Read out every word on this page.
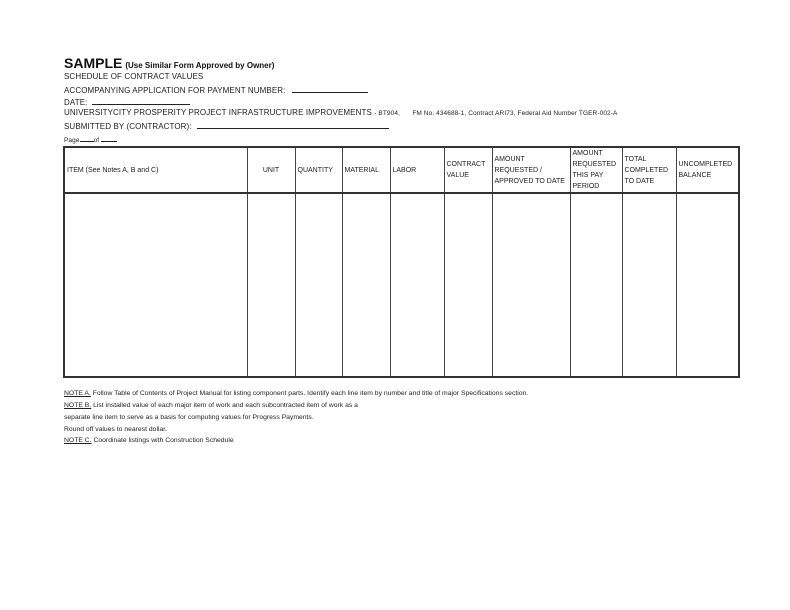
SAMPLE (Use Similar Form Approved by Owner)
SCHEDULE OF CONTRACT VALUES
ACCOMPANYING APPLICATION FOR PAYMENT NUMBER:
DATE:
UNIVERSITYCITY PROSPERITY PROJECT INFRASTRUCTURE IMPROVEMENTS - BT904, FM No. 434688-1, Contract ARI73, Federal Aid Number TGER-002-A
SUBMITTED BY (CONTRACTOR):
Page of
ITEM (See Notes A, B and C)	UNIT	QUANTITY	MATERIAL	LABOR	CONTRACT VALUE	AMOUNT REQUESTED / APPROVED TO DATE	AMOUNT REQUESTED THIS PAY PERIOD	TOTAL COMPLETED TO DATE	UNCOMPLETED BALANCE

NOTE A. Follow Table of Contents of Project Manual for listing component parts. Identify each line item by number and title of major Specifications section.
NOTE B. List installed value of each major item of work and each subcontracted item of work as a
separate line item to serve as a basis for computing values for Progress Payments.
Round off values to nearest dollar.
NOTE C. Coordinate listings with Construction Schedule
